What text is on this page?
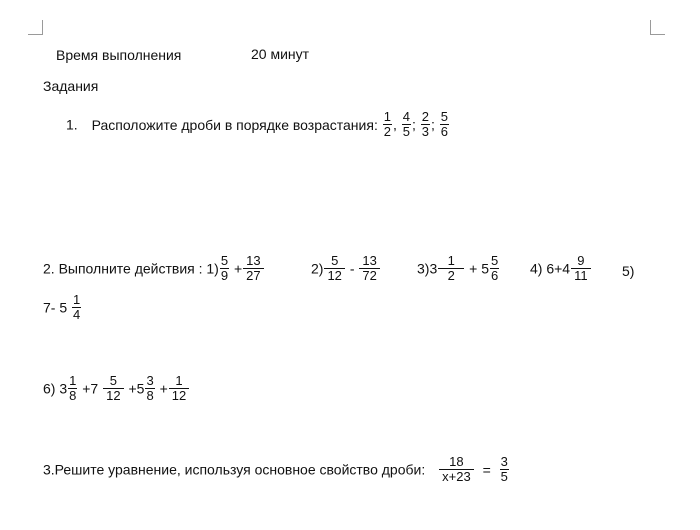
Время выполнения	20 минут
Задания
1. Расположите дроби в порядке возрастания: $\frac{1}{2}$ , $\frac{4}{5}$ ; $\frac{2}{3}$ ; $\frac{5}{6}$
2. Выполните действия : $1) \frac{5}{9} + \frac{13}{27}$	$2) \frac{5}{12} - \frac{13}{72}$	$3)3 \frac{1}{2} + 5 \frac{5}{6} 4$) $6+4 \frac{9}{11} 5$)
7- $5 \frac{1}{4}$
6) $3 \frac{1}{8} +7 \frac{5}{12} +5 \frac{3}{8} + \frac{1}{12}$
3.Решите уравнение, используя основное свойство дроби: $\frac{18}{x+23} = \frac{3}{5}$
